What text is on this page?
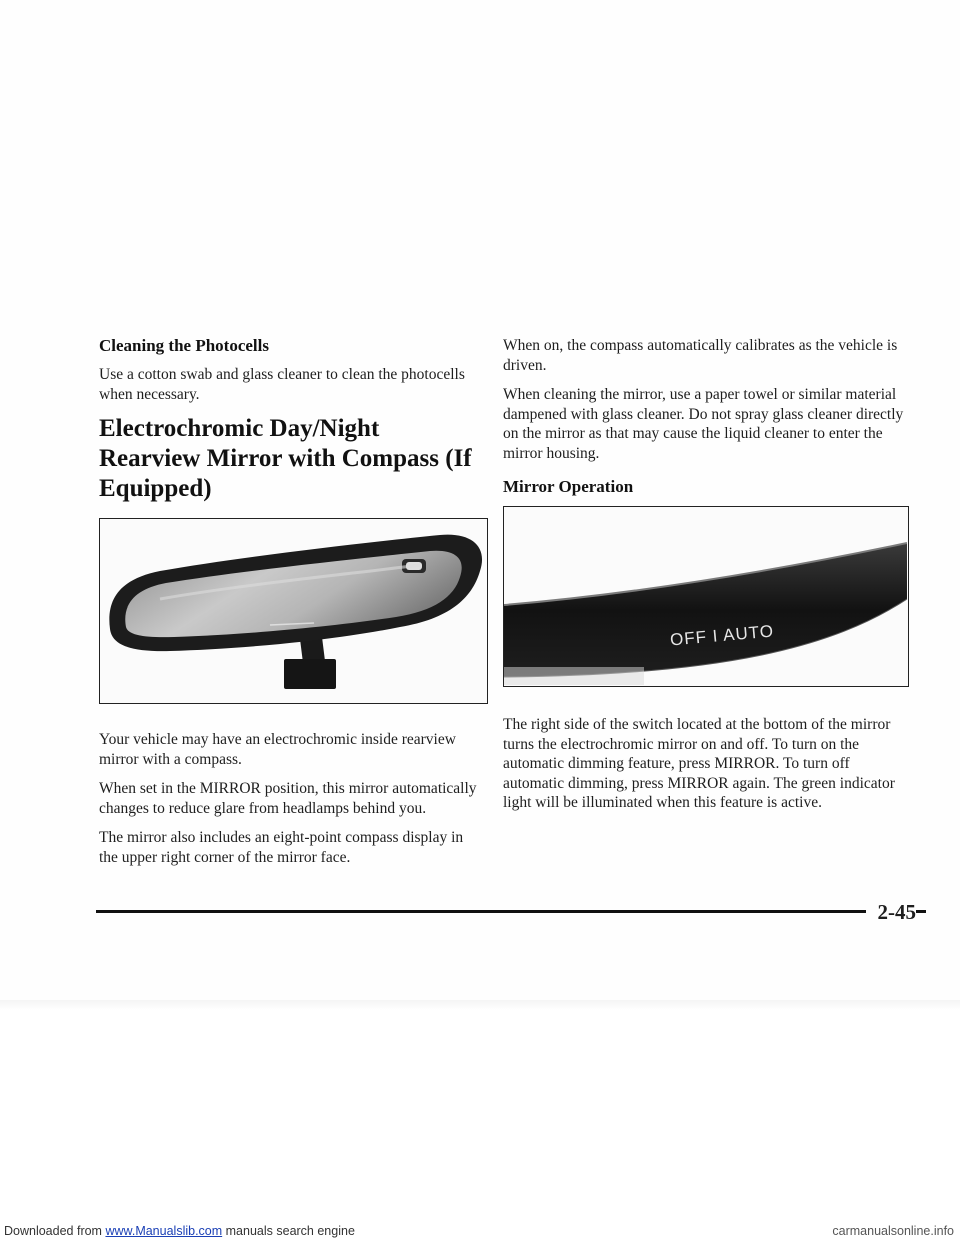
Cleaning the Photocells

Use a cotton swab and glass cleaner to clean the photocells when necessary.

Electrochromic Day/Night Rearview Mirror with Compass (If Equipped)

Your vehicle may have an electrochromic inside rearview mirror with a compass.

When set in the MIRROR position, this mirror automatically changes to reduce glare from headlamps behind you.

The mirror also includes an eight-point compass display in the upper right corner of the mirror face.

When on, the compass automatically calibrates as the vehicle is driven.

When cleaning the mirror, use a paper towel or similar material dampened with glass cleaner. Do not spray glass cleaner directly on the mirror as that may cause the liquid cleaner to enter the mirror housing.

Mirror Operation
OFF I AUTO

The right side of the switch located at the bottom of the mirror turns the electrochromic mirror on and off. To turn on the automatic dimming feature, press MIRROR. To turn off automatic dimming, press MIRROR again. The green indicator light will be illuminated when this feature is active.

2-45
Downloaded from www.Manualslib.com manuals search engine	carmanualsonline.info
